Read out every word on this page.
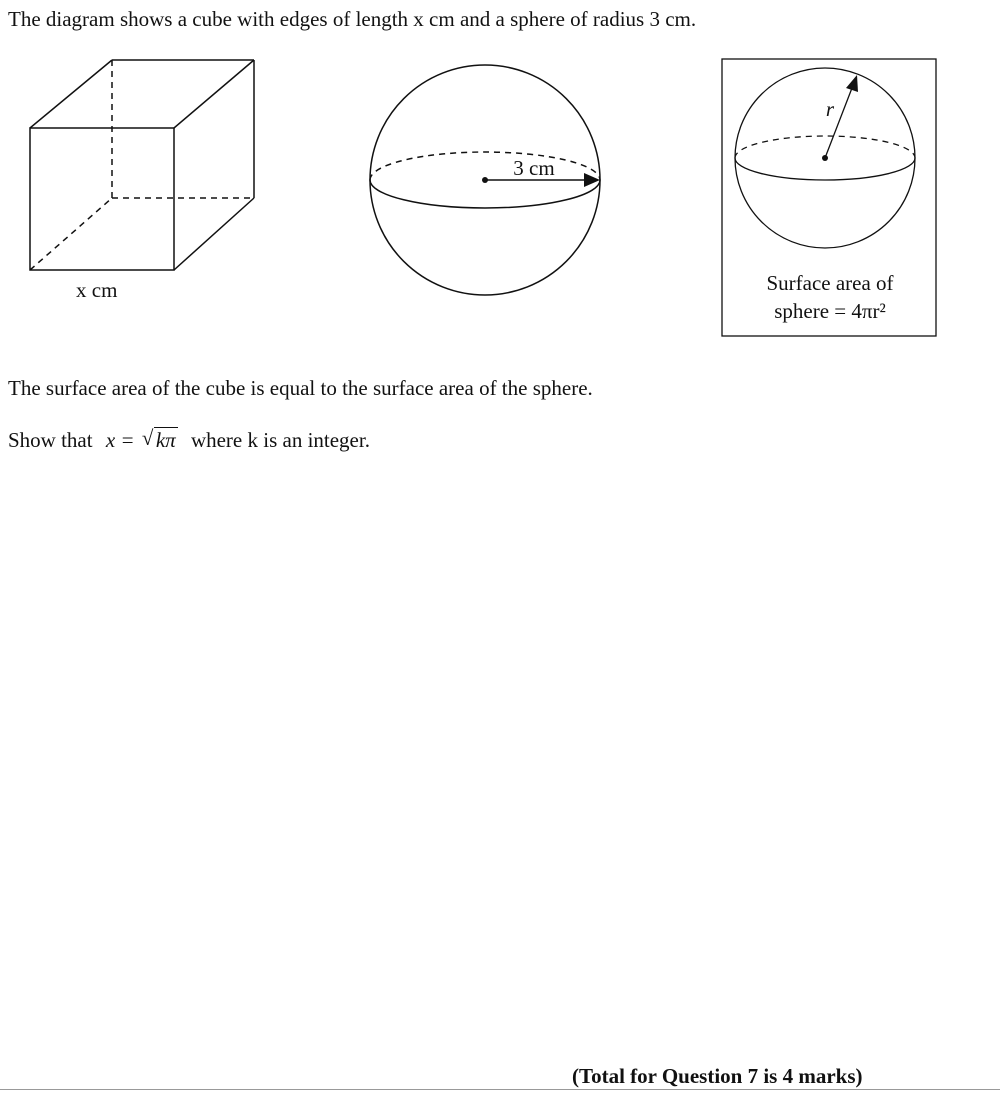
The diagram shows a cube with edges of length x cm and a sphere of radius 3 cm.
3 cm
r
x cm	Surface area of
sphere = 4πr²
The surface area of the cube is equal to the surface area of the sphere.
Show that x = √ kπ where k is an integer.
(Total for Question 7 is 4 marks)
